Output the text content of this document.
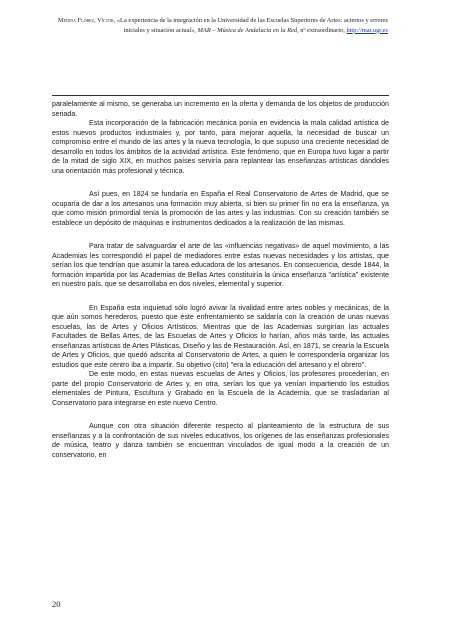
Medina Flórez, Víctor, «La experiencia de la integración en la Universidad de las Escuelas Superiores de Artes: aciertos y errores iniciales y situación actual», MAR – Música de Andalucía en la Red, nº extraordinario, http://mar.ugr.es

paralelamente al mismo, se generaba un incremento en la oferta y demanda de los objetos de producción seriada.

Esta incorporación de la fabricación mecánica ponía en evidencia la mala calidad artística de estos nuevos productos industriales y, por tanto, para mejorar aquella, la necesidad de buscar un compromiso entre el mundo de las artes y la nueva tecnología, lo que supuso una creciente necesidad de desarrollo en todos los ámbitos de la actividad artística. Este fenómeno, que en Europa tuvo lugar a partir de la mitad de siglo XIX, en muchos países serviría para replantear las enseñanzas artísticas dándoles una orientación más profesional y técnica.

Así pues, en 1824 se fundaría en España el Real Conservatorio de Artes de Madrid, que se ocuparía de dar a los artesanos una formación muy abierta, si bien su primer fin no era la enseñanza, ya que como misión primordial tenía la promoción de las artes y las industrias. Con su creación también se establece un depósito de máquinas e instrumentos dedicados a la realización de las mismas.

Para tratar de salvaguardar el arte de las «influencias negativas» de aquel movimiento, a las Academias les correspondió el papel de mediadores entre estas nuevas necesidades y los artistas, que serían los que tendrían que asumir la tarea educadora de los artesanos. En consecuencia, desde 1844, la formación impartida por las Academias de Bellas Artes constituiría la única enseñanza "artística" existente en nuestro país, que se desarrollaba en dos niveles, elemental y superior.

En España esta inquietud sólo logró avivar la rivalidad entre artes nobles y mecánicas, de la que aún somos herederos, puesto que éste enfrentamiento se saldaría con la creación de unas nuevas escuelas, las de Artes y Oficios Artísticos. Mientras que de las Academias surgirían las actuales Facultades de Bellas Artes, de las Escuelas de Artes y Oficios lo harían, años más tarde, las actuales enseñanzas artísticas de Artes Plásticas, Diseño y las de Restauración. Así, en 1871, se crearía la Escuela de Artes y Oficios, que quedó adscrita al Conservatorio de Artes, a quien le correspondería organizar los estudios que este centro iba a impartir. Su objetivo (cito) "era la educación del artesano y el obrero".

De este modo, en estas nuevas escuelas de Artes y Oficios, los profesores procederían, en parte del propio Conservatorio de Artes y, en otra, serían los que ya venían impartiendo los estudios elementales de Pintura, Escultura y Grabado en la Escuela de la Academia, que se trasladarían al Conservatorio para integrarse en este nuevo Centro.

Aunque con otra situación diferente respecto al planteamiento de la estructura de sus enseñanzas y a la confrontación de sus niveles educativos, los orígenes de las enseñanzas profesionales de música, teatro y danza también se encuentran vinculados de igual modo a la creación de un conservatorio, en

20
